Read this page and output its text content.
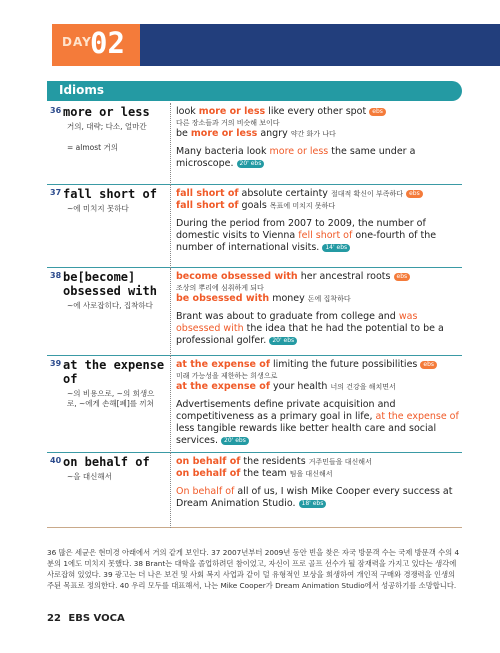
DAY
02
Idioms
36 more or less
거의, 대략; 다소, 얼마간
= almost 거의
look more or less like every other spot ebs
다른 장소들과 거의 비슷해 보이다
be more or less angry 약간 화가 나다
Many bacteria look more or less the same under a microscope. 20' ebs
37 fall short of
~에 미치지 못하다
fall short of absolute certainty 절대적 확신이 부족하다 ebs
fall short of goals 목표에 미치지 못하다
During the period from 2007 to 2009, the number of domestic visits to Vienna fell short of one-fourth of the number of international visits. 14' ebs
38 be[become] obsessed with
~에 사로잡히다, 집착하다
become obsessed with her ancestral roots ebs
조상의 뿌리에 심취하게 되다
be obsessed with money 돈에 집착하다
Brant was about to graduate from college and was obsessed with the idea that he had the potential to be a professional golfer. 20' ebs
39 at the expense of
~의 비용으로, ~의 희생으로, ~에게 손해[폐]를 끼쳐
at the expense of limiting the future possibilities ebs
미래 가능성을 제한하는 희생으로
at the expense of your health 너의 건강을 해치면서
Advertisements define private acquisition and competitiveness as a primary goal in life, at the expense of less tangible rewards like better health care and social services. 20' ebs
40 on behalf of
~을 대신해서
on behalf of the residents 거주민들을 대신해서
on behalf of the team 팀을 대신해서
On behalf of all of us, I wish Mike Cooper every success at Dream Animation Studio. 18' ebs
36 많은 세균은 현미경 아래에서 거의 같게 보인다. 37 2007년부터 2009년 동안 빈을 찾은 자국 방문객 수는 국제 방문객 수의 4분의 1에도 미치지 못했다. 38 Brant는 대학을 졸업하려던 참이었고, 자신이 프로 골프 선수가 될 잠재력을 가지고 있다는 생각에 사로잡혀 있었다. 39 광고는 더 나은 보건 및 사회 복지 사업과 같이 덜 유형적인 보상을 희생하여 개인적 구매와 경쟁력을 인생의 주된 목표로 정의한다. 40 우리 모두를 대표해서, 나는 Mike Cooper가 Dream Animation Studio에서 성공하기를 소망합니다.
22 EBS VOCA
